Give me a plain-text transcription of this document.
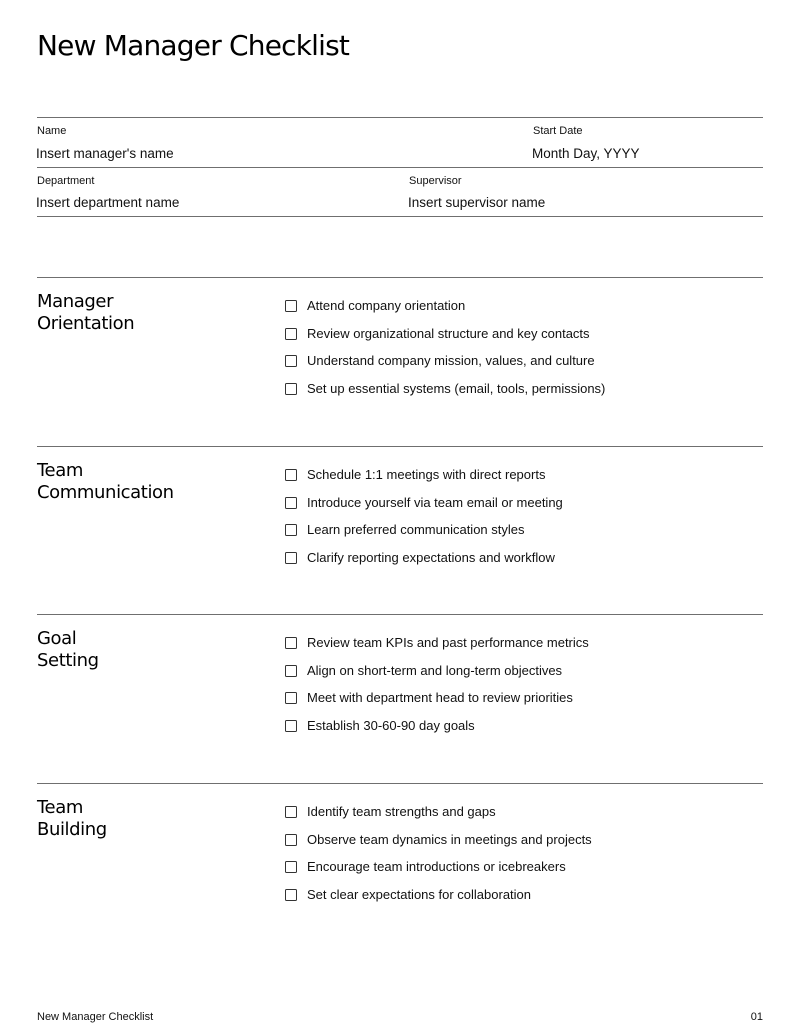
New Manager Checklist
Name
Insert manager's name
Start Date
Month Day, YYYY
Department
Insert department name
Supervisor
Insert supervisor name
Manager
Orientation
Attend company orientation
Review organizational structure and key contacts
Understand company mission, values, and culture
Set up essential systems (email, tools, permissions)
Team
Communication
Schedule 1:1 meetings with direct reports
Introduce yourself via team email or meeting
Learn preferred communication styles
Clarify reporting expectations and workflow
Goal
Setting
Review team KPIs and past performance metrics
Align on short-term and long-term objectives
Meet with department head to review priorities
Establish 30-60-90 day goals
Team
Building
Identify team strengths and gaps
Observe team dynamics in meetings and projects
Encourage team introductions or icebreakers
Set clear expectations for collaboration
New Manager Checklist	01
